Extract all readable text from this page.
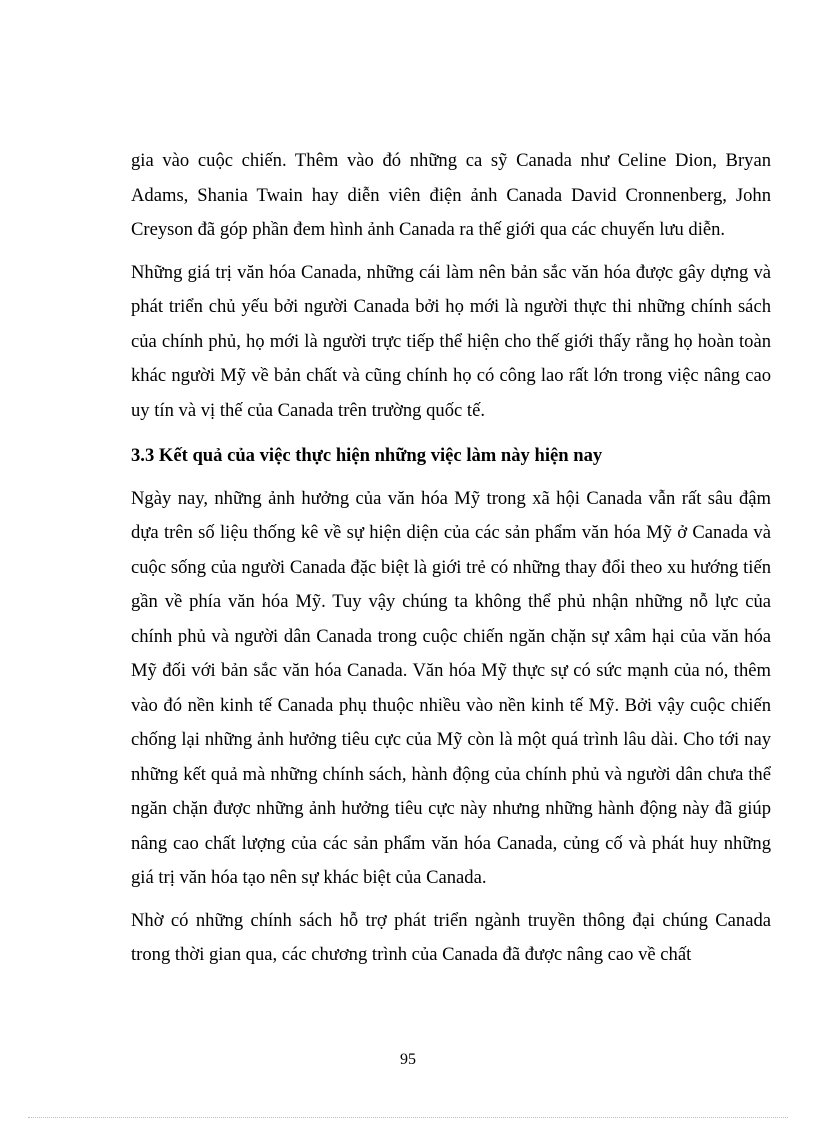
gia vào cuộc chiến. Thêm vào đó những ca sỹ Canada như Celine Dion, Bryan Adams, Shania Twain hay diễn viên điện ảnh Canada David Cronnenberg, John Creyson đã góp phần đem hình ảnh Canada ra thế giới qua các chuyến lưu diễn.

Những giá trị văn hóa Canada, những cái làm nên bản sắc văn hóa được gây dựng và phát triển chủ yếu bởi người Canada bởi họ mới là người thực thi những chính sách của chính phủ, họ mới là người trực tiếp thể hiện cho thế giới thấy rằng họ hoàn toàn khác người Mỹ về bản chất và cũng chính họ có công lao rất lớn trong việc nâng cao uy tín và vị thế của Canada trên trường quốc tế.

3.3 Kết quả của việc thực hiện những việc làm này hiện nay

Ngày nay, những ảnh hưởng của văn hóa Mỹ trong xã hội Canada vẫn rất sâu đậm dựa trên số liệu thống kê về sự hiện diện của các sản phẩm văn hóa Mỹ ở Canada và cuộc sống của người Canada đặc biệt là giới trẻ có những thay đổi theo xu hướng tiến gần về phía văn hóa Mỹ. Tuy vậy chúng ta không thể phủ nhận những nỗ lực của chính phủ và người dân Canada trong cuộc chiến ngăn chặn sự xâm hại của văn hóa Mỹ đối với bản sắc văn hóa Canada. Văn hóa Mỹ thực sự có sức mạnh của nó, thêm vào đó nền kinh tế Canada phụ thuộc nhiều vào nền kinh tế Mỹ. Bởi vậy cuộc chiến chống lại những ảnh hưởng tiêu cực của Mỹ còn là một quá trình lâu dài. Cho tới nay những kết quả mà những chính sách, hành động của chính phủ và người dân chưa thể ngăn chặn được những ảnh hưởng tiêu cực này nhưng những hành động này đã giúp nâng cao chất lượng của các sản phẩm văn hóa Canada, củng cố và phát huy những giá trị văn hóa tạo nên sự khác biệt của Canada.

Nhờ có những chính sách hỗ trợ phát triển ngành truyền thông đại chúng Canada trong thời gian qua, các chương trình của Canada đã được nâng cao về chất

95
